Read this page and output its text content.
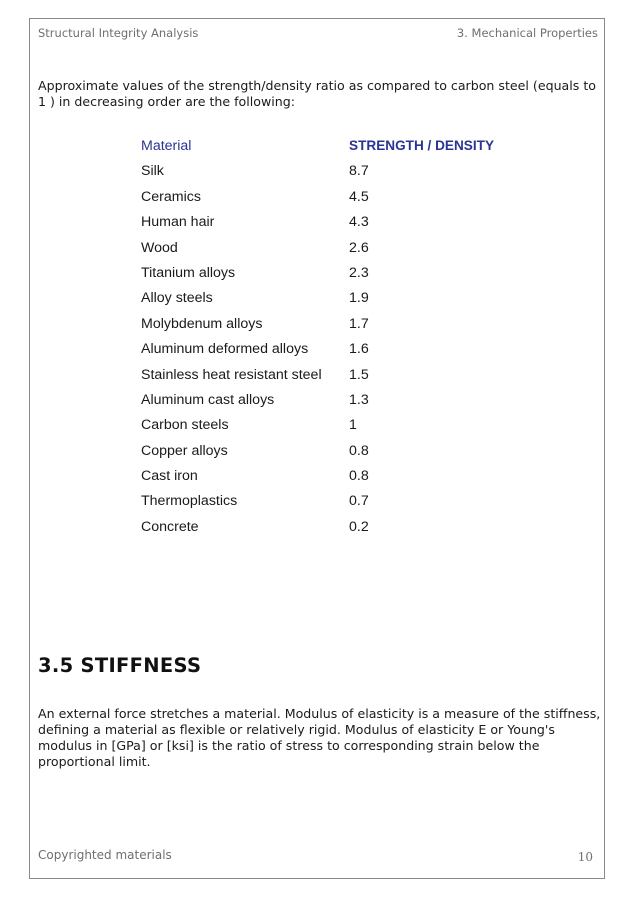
Structural Integrity Analysis	3. Mechanical Properties

Approximate values of the strength/density ratio as compared to carbon steel (equals to 1 ) in decreasing order are the following:

Material	STRENGTH / DENSITY
Silk	8.7
Ceramics	4.5
Human hair	4.3
Wood	2.6
Titanium alloys	2.3
Alloy steels	1.9
Molybdenum alloys	1.7
Aluminum deformed alloys	1.6
Stainless heat resistant steel 1.5
Aluminum cast alloys	1.3
Carbon steels	1
Copper alloys	0.8
Cast iron	0.8
Thermoplastics	0.7
Concrete	0.2
3.5 STIFFNESS

An external force stretches a material. Modulus of elasticity is a measure of the stiffness, defining a material as flexible or relatively rigid. Modulus of elasticity E or Young's modulus in [GPa] or [ksi] is the ratio of stress to corresponding strain below the proportional limit.

Copyrighted materials	10
